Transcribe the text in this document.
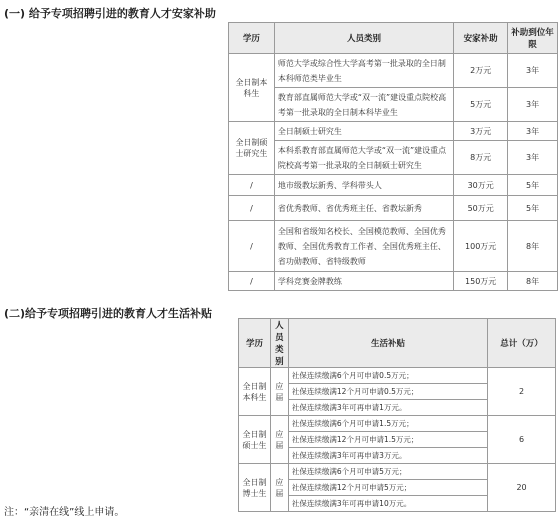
(一) 给予专项招聘引进的教育人才安家补助
学历	人员类别	安家补助	补助到位年限
全日制本科生	师范大学或综合性大学高考第一批录取的全日制本科师范类毕业生	2万元	3年
	教育部直属师范大学或“双一流”建设重点院校高考第一批录取的全日制本科毕业生	5万元	3年
全日制硕士研究生	全日制硕士研究生	3万元	3年
	本科系教育部直属师范大学或“双一流”建设重点院校高考第一批录取的全日制硕士研究生	8万元	3年
/	地市级教坛新秀、学科带头人	30万元	5年
/	省优秀教师、省优秀班主任、省教坛新秀	50万元	5年
/	全国和省级知名校长、全国模范教师、全国优秀教师、全国优秀教育工作者、全国优秀班主任、省功勋教师、省特级教师	100万元	8年
/	学科竞赛金牌教练	150万元	8年
(二)给予专项招聘引进的教育人才生活补贴
学历	人员类别	生活补贴	总计（万）
全日制本科生	应届	社保连续缴满6个月可申请0.5万元；	2
		社保连续缴满12个月可申请0.5万元；	
		社保连续缴满3年可再申请1万元。	
全日制硕士生	应届	社保连续缴满6个月可申请1.5万元；	6
		社保连续缴满12个月可申请1.5万元；	
		社保连续缴满3年可再申请3万元。	
全日制博士生	应届	社保连续缴满6个月可申请5万元；	20
		社保连续缴满12个月可申请5万元；	
		社保连续缴满3年可再申请10万元。	
注：“亲清在线”线上申请。
